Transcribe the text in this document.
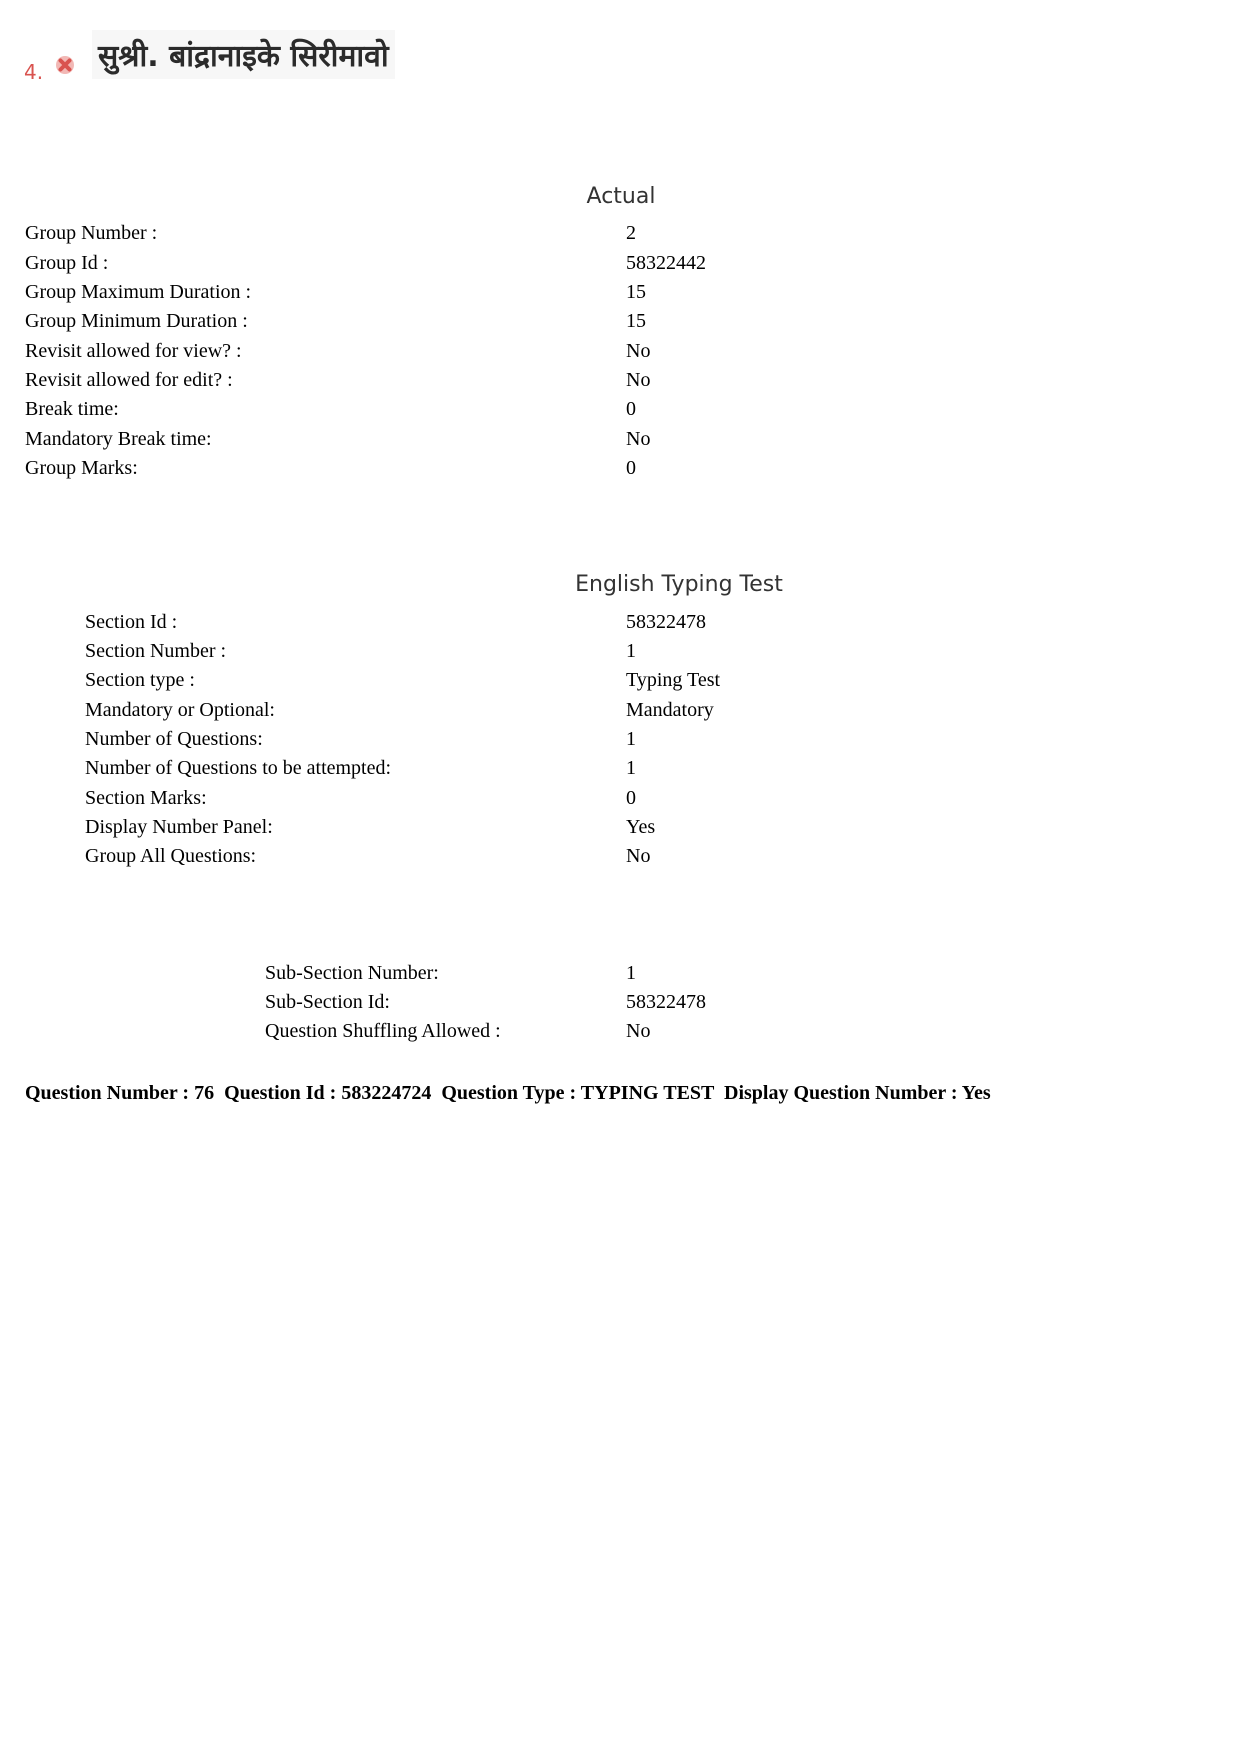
4. सुश्री. बांद्रानाइके सिरीमावो
Actual
Group Number :	2
Group Id :	58322442
Group Maximum Duration :	15
Group Minimum Duration :	15
Revisit allowed for view? :	No
Revisit allowed for edit? :	No
Break time:	0
Mandatory Break time:	No
Group Marks:	0
English Typing Test
Section Id :	58322478
Section Number :	1
Section type :	Typing Test
Mandatory or Optional:	Mandatory
Number of Questions:	1
Number of Questions to be attempted:	1
Section Marks:	0
Display Number Panel:	Yes
Group All Questions:	No
Sub-Section Number:	1
Sub-Section Id:	58322478
Question Shuffling Allowed :	No
Question Number : 76  Question Id : 583224724  Question Type : TYPING TEST  Display Question Number : Yes
